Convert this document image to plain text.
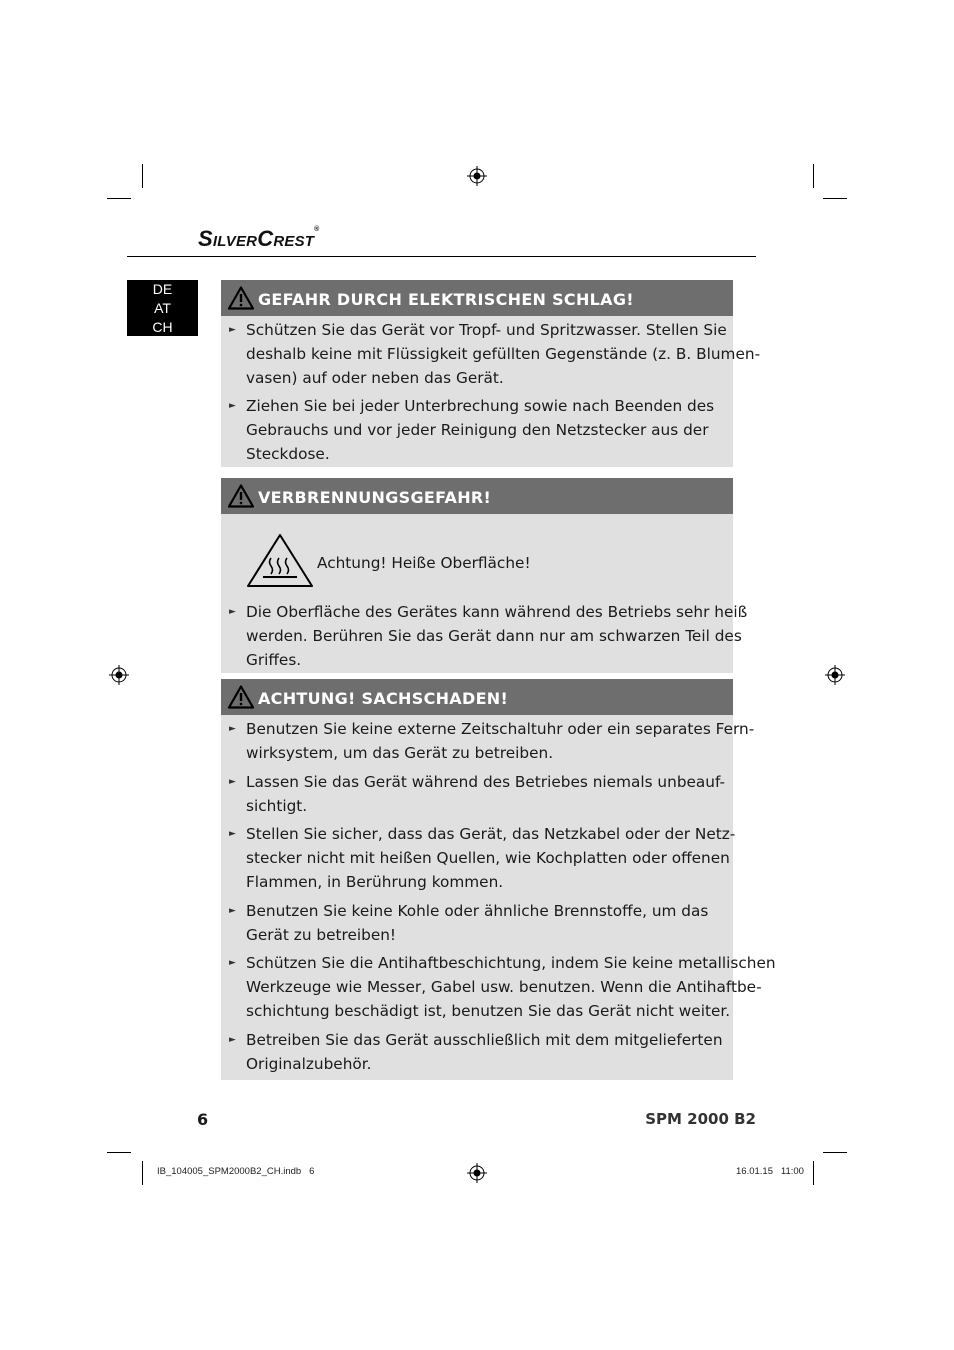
SILVERCREST®
DE
AT
CH
GEFAHR DURCH ELEKTRISCHEN SCHLAG!
► Schützen Sie das Gerät vor Tropf- und Spritzwasser. Stellen Sie
deshalb keine mit Flüssigkeit gefüllten Gegenstände (z. B. Blumen-
vasen) auf oder neben das Gerät.
► Ziehen Sie bei jeder Unterbrechung sowie nach Beenden des
Gebrauchs und vor jeder Reinigung den Netzstecker aus der
Steckdose.
VERBRENNUNGSGEFAHR!
Achtung! Heiße Oberfläche!
► Die Oberfläche des Gerätes kann während des Betriebs sehr heiß
werden. Berühren Sie das Gerät dann nur am schwarzen Teil des
Griffes.
ACHTUNG! SACHSCHADEN!
► Benutzen Sie keine externe Zeitschaltuhr oder ein separates Fern-
wirksystem, um das Gerät zu betreiben.
► Lassen Sie das Gerät während des Betriebes niemals unbeauf-
sichtigt.
► Stellen Sie sicher, dass das Gerät, das Netzkabel oder der Netz-
stecker nicht mit heißen Quellen, wie Kochplatten oder offenen
Flammen, in Berührung kommen.
► Benutzen Sie keine Kohle oder ähnliche Brennstoffe, um das
Gerät zu betreiben!
► Schützen Sie die Antihaftbeschichtung, indem Sie keine metallischen
Werkzeuge wie Messer, Gabel usw. benutzen. Wenn die Antihaftbe-
schichtung beschädigt ist, benutzen Sie das Gerät nicht weiter.
► Betreiben Sie das Gerät ausschließlich mit dem mitgelieferten
Originalzubehör.
6	SPM 2000 B2
IB_104005_SPM2000B2_CH.indb   6	16.01.15   11:00
